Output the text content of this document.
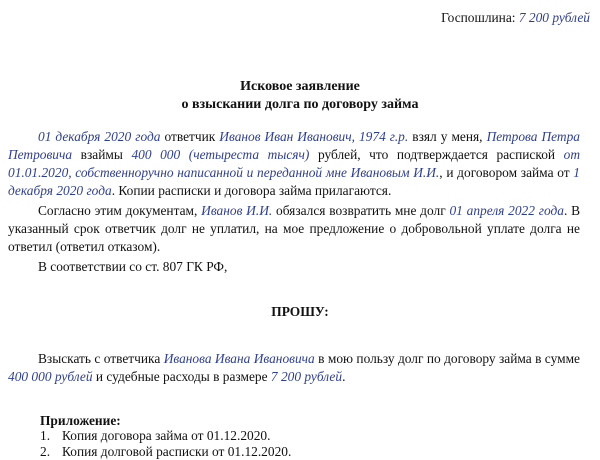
Госпошлина: 7 200 рублей
Исковое заявление
о взыскании долга по договору займа
01 декабря 2020 года ответчик Иванов Иван Иванович, 1974 г.р. взял у меня, Петрова Петра Петровича взаймы 400 000 (четыреста тысяч) рублей, что подтверждается распиской от 01.01.2020, собственноручно написанной и переданной мне Ивановым И.И., и договором займа от 1 декабря 2020 года. Копии расписки и договора займа прилагаются.
Согласно этим документам, Иванов И.И. обязался возвратить мне долг 01 апреля 2022 года. В указанный срок ответчик долг не уплатил, на мое предложение о добровольной уплате долга не ответил (ответил отказом).
В соответствии со ст. 807 ГК РФ,
ПРОШУ:
Взыскать с ответчика Иванова Ивана Ивановича в мою пользу долг по договору займа в сумме 400 000 рублей и судебные расходы в размере 7 200 рублей.
Приложение:
1. Копия договора займа от 01.12.2020.
2. Копия долговой расписки от 01.12.2020.
